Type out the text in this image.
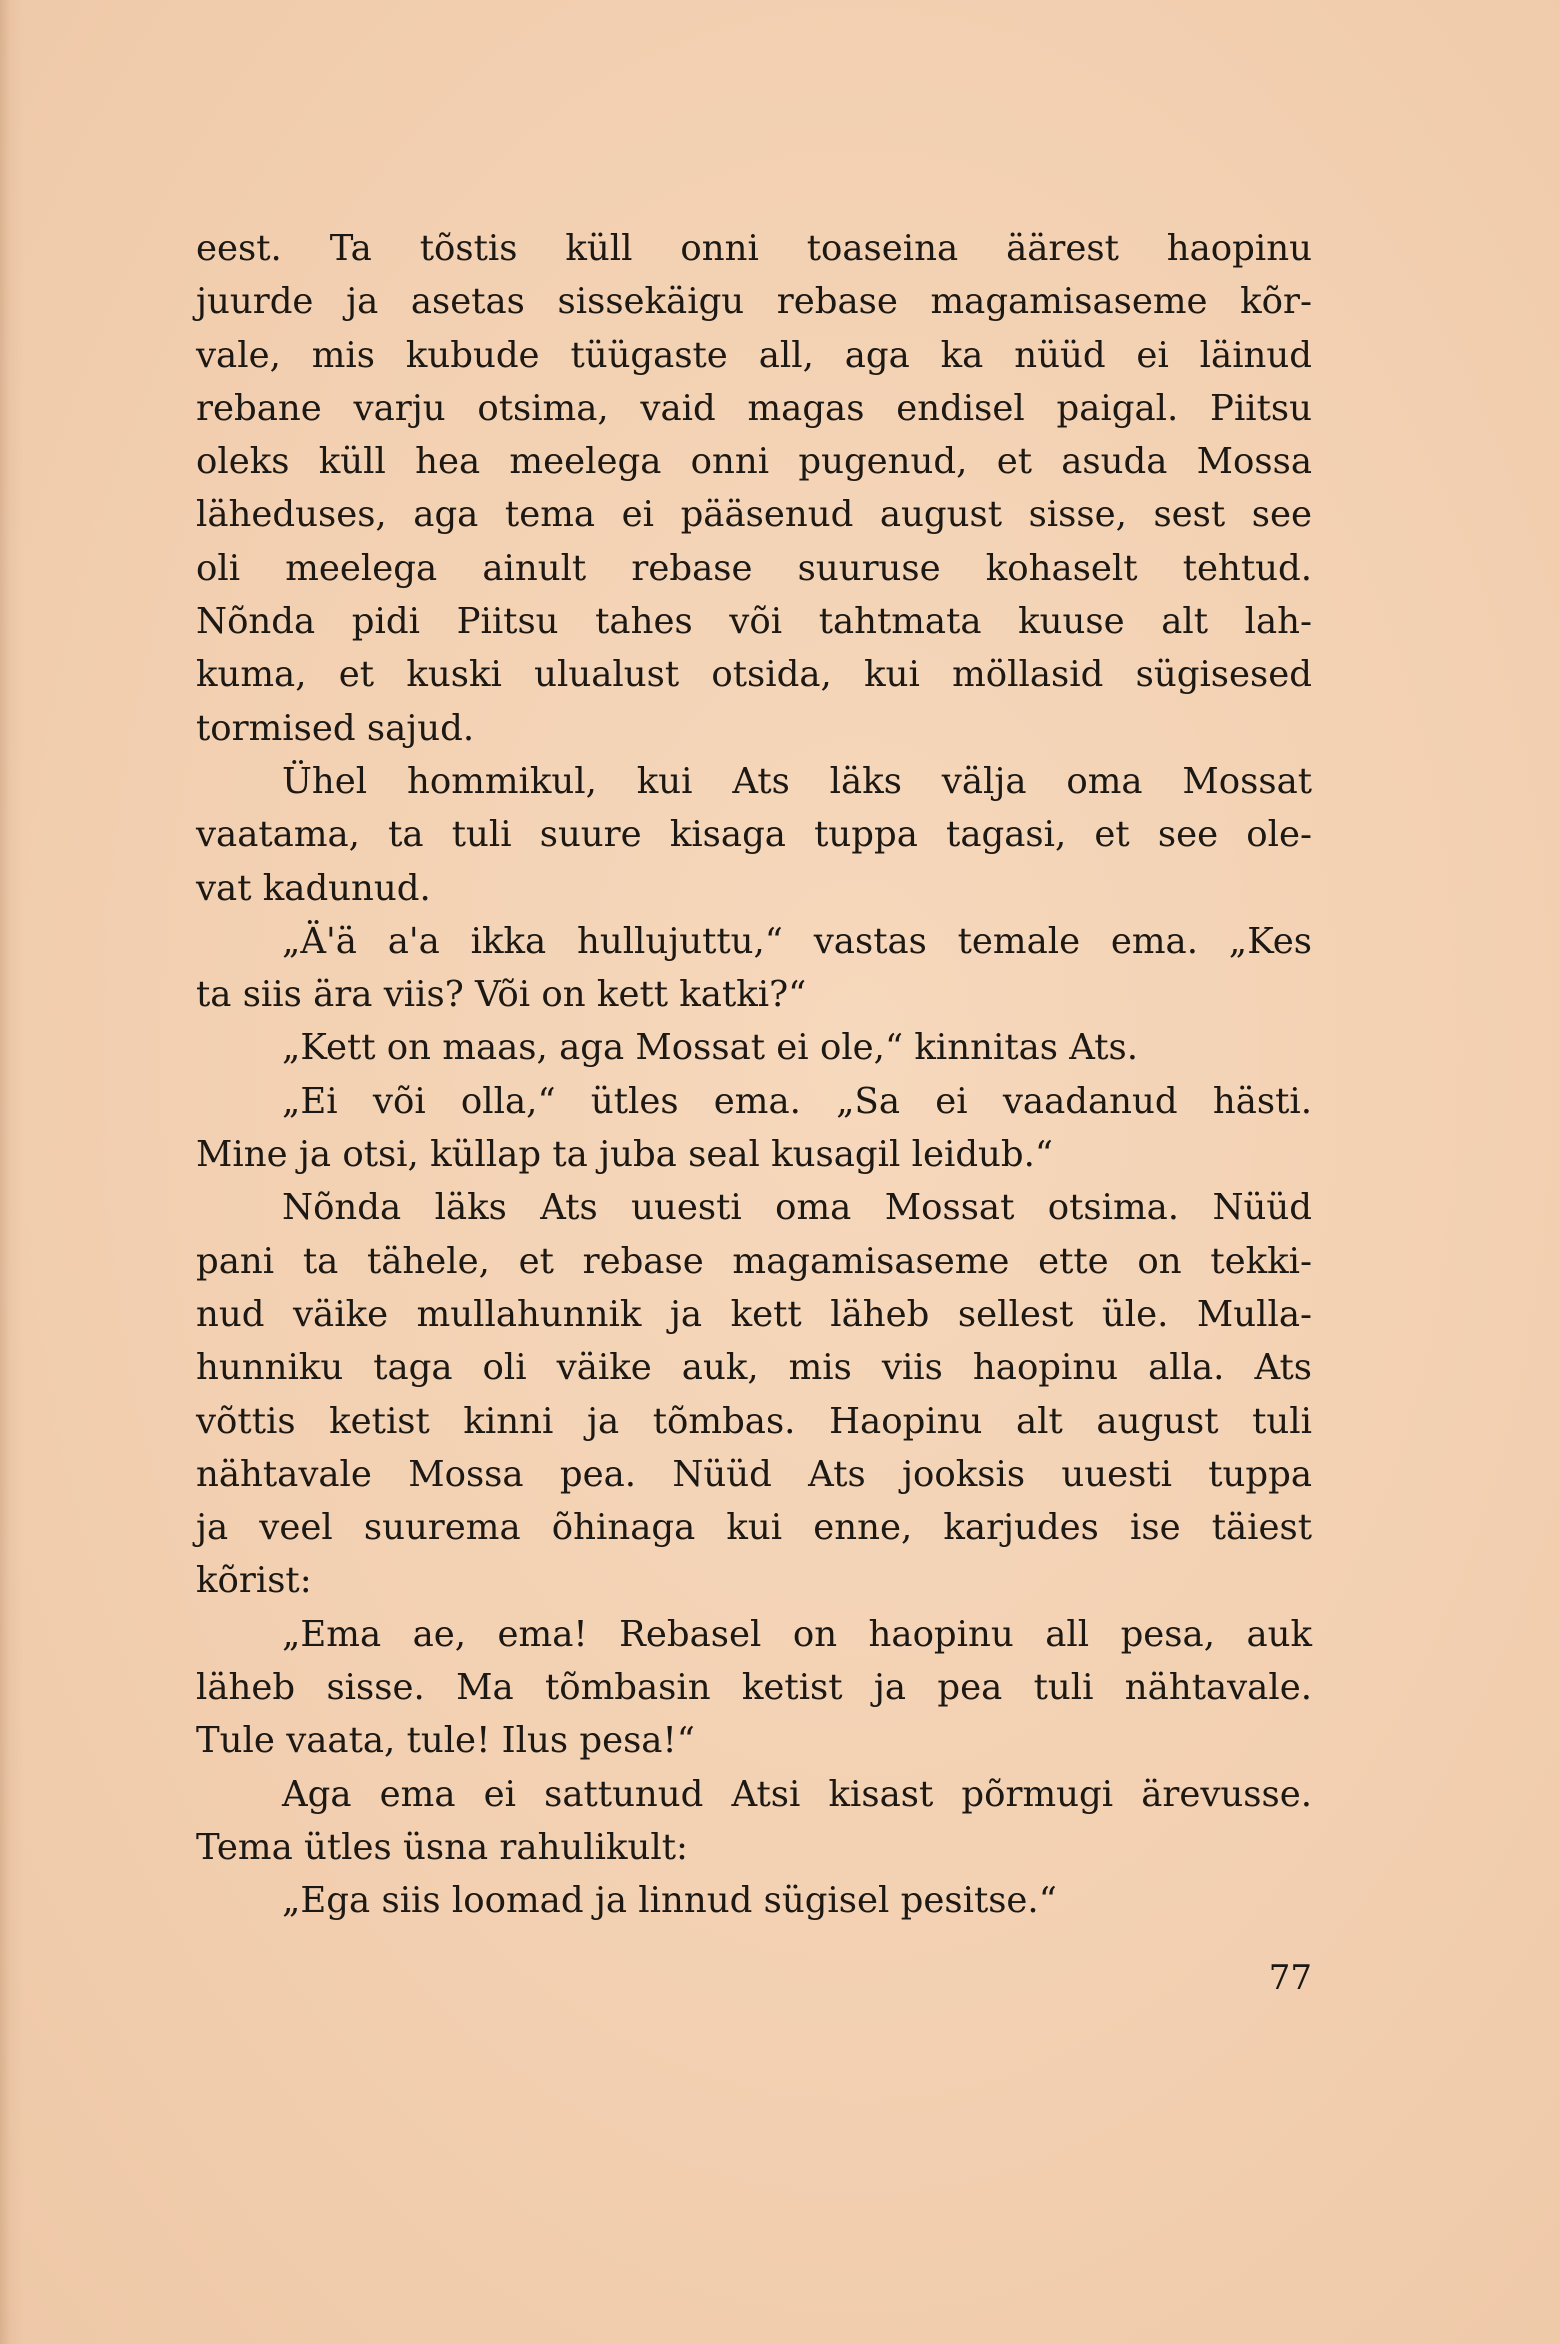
eest. Ta tõstis küll onni toaseina äärest haopinu
juurde ja asetas sissekäigu rebase magamisaseme kõr-
vale, mis kubude tüügaste all, aga ka nüüd ei läinud
rebane varju otsima, vaid magas endisel paigal. Piitsu
oleks küll hea meelega onni pugenud, et asuda Mossa
läheduses, aga tema ei pääsenud august sisse, sest see
oli meelega ainult rebase suuruse kohaselt tehtud.
Nõnda pidi Piitsu tahes või tahtmata kuuse alt lah-
kuma, et kuski ulualust otsida, kui möllasid sügisesed
tormised sajud.
Ühel hommikul, kui Ats läks välja oma Mossat
vaatama, ta tuli suure kisaga tuppa tagasi, et see ole-
vat kadunud.
„Ä'ä a'a ikka hullujuttu,“ vastas temale ema. „Kes
ta siis ära viis? Või on kett katki?“
„Kett on maas, aga Mossat ei ole,“ kinnitas Ats.
„Ei või olla,“ ütles ema. „Sa ei vaadanud hästi.
Mine ja otsi, küllap ta juba seal kusagil leidub.“
Nõnda läks Ats uuesti oma Mossat otsima. Nüüd
pani ta tähele, et rebase magamisaseme ette on tekki-
nud väike mullahunnik ja kett läheb sellest üle. Mulla-
hunniku taga oli väike auk, mis viis haopinu alla. Ats
võttis ketist kinni ja tõmbas. Haopinu alt august tuli
nähtavale Mossa pea. Nüüd Ats jooksis uuesti tuppa
ja veel suurema õhinaga kui enne, karjudes ise täiest
kõrist:
„Ema ae, ema! Rebasel on haopinu all pesa, auk
läheb sisse. Ma tõmbasin ketist ja pea tuli nähtavale.
Tule vaata, tule! Ilus pesa!“
Aga ema ei sattunud Atsi kisast põrmugi ärevusse.
Tema ütles üsna rahulikult:
„Ega siis loomad ja linnud sügisel pesitse.“
77
